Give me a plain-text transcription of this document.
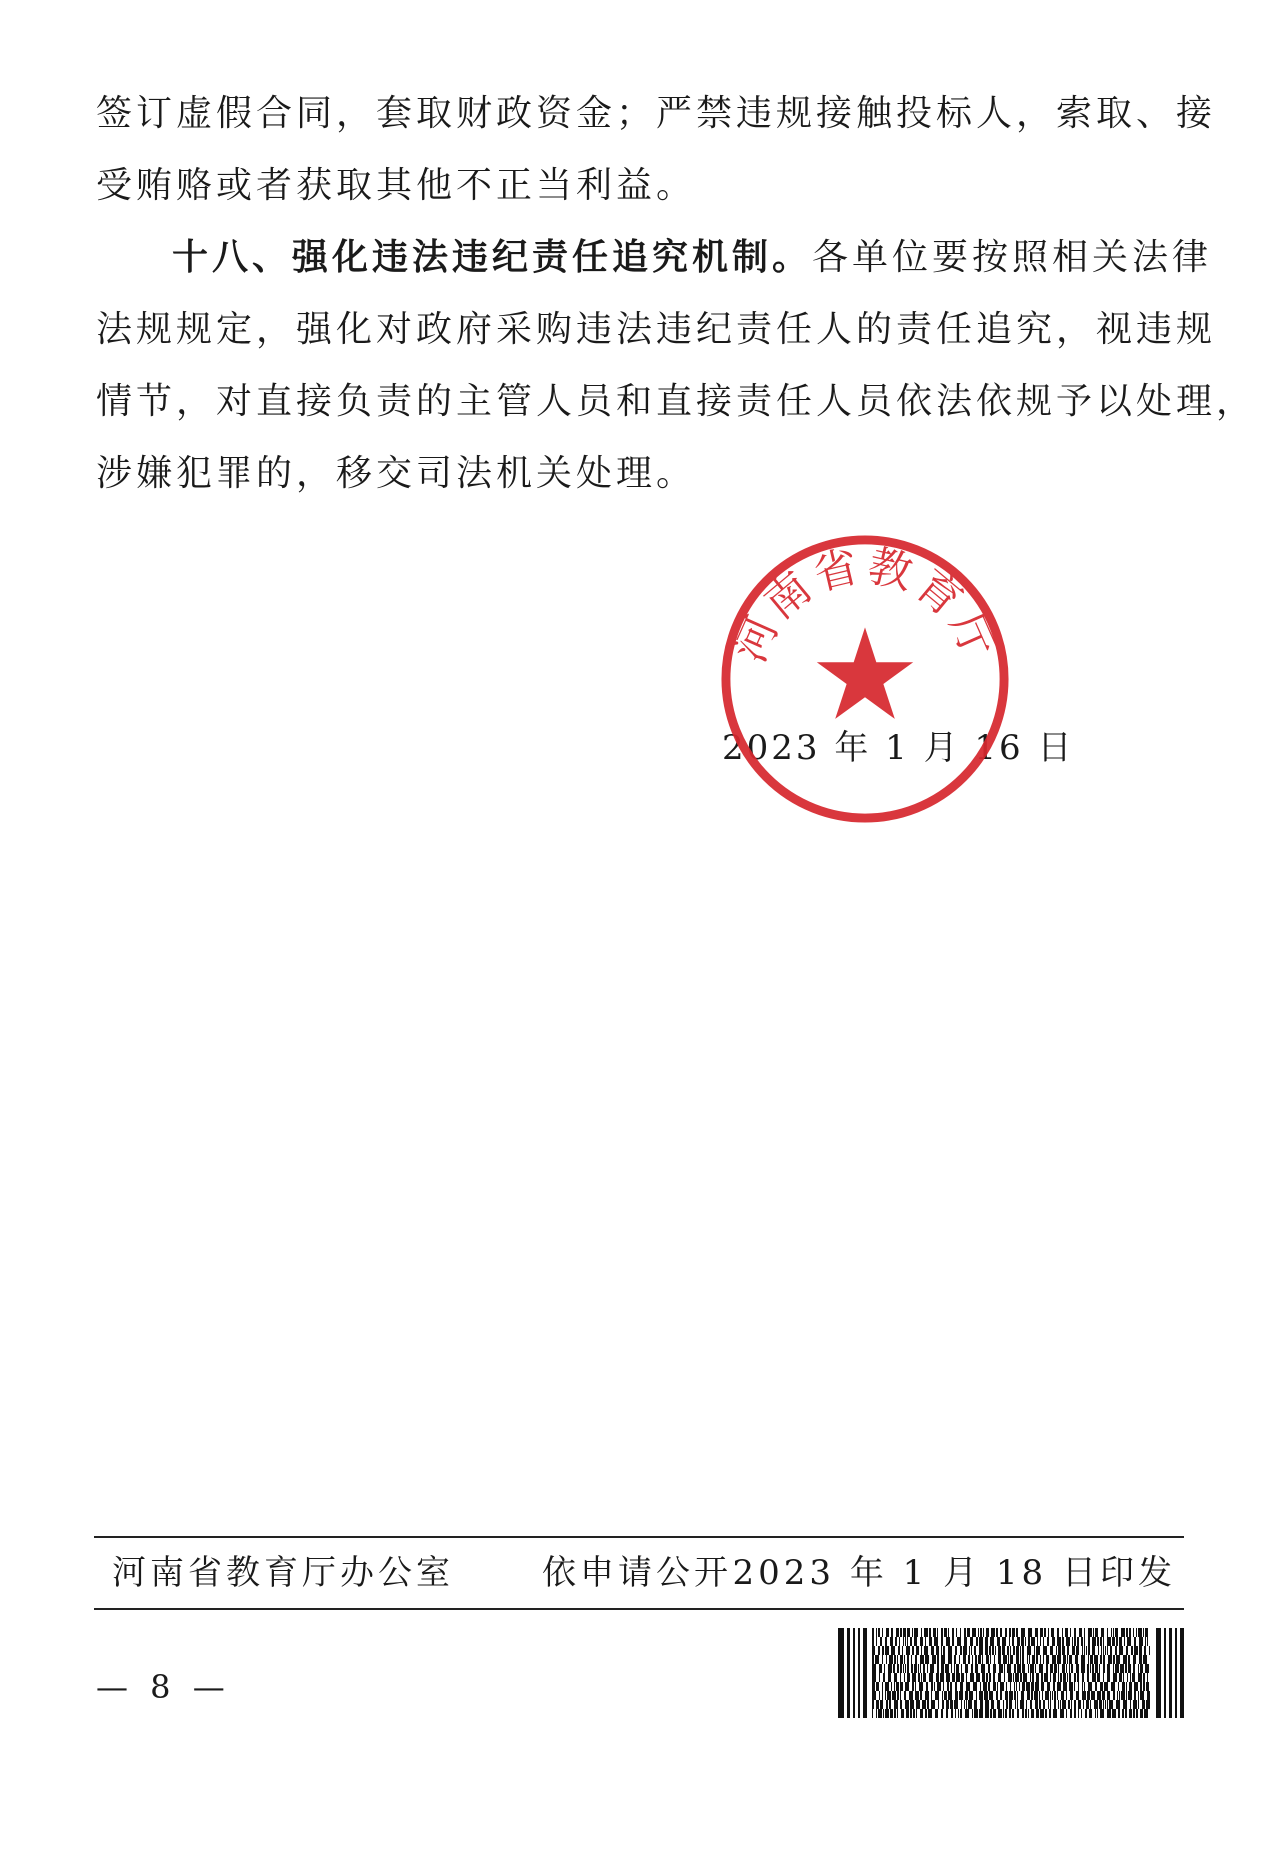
签订虚假合同，套取财政资金；严禁违规接触投标人，索取、接
受贿赂或者获取其他不正当利益。
十八、强化违法违纪责任追究机制。各单位要按照相关法律
法规规定，强化对政府采购违法违纪责任人的责任追究，视违规
情节，对直接负责的主管人员和直接责任人员依法依规予以处理，
涉嫌犯罪的，移交司法机关处理。
2023 年 1 月 16 日
河南省教育厅
河南省教育厅办公室	依申请公开 2023 年 1 月 18 日印发
— 8 —
